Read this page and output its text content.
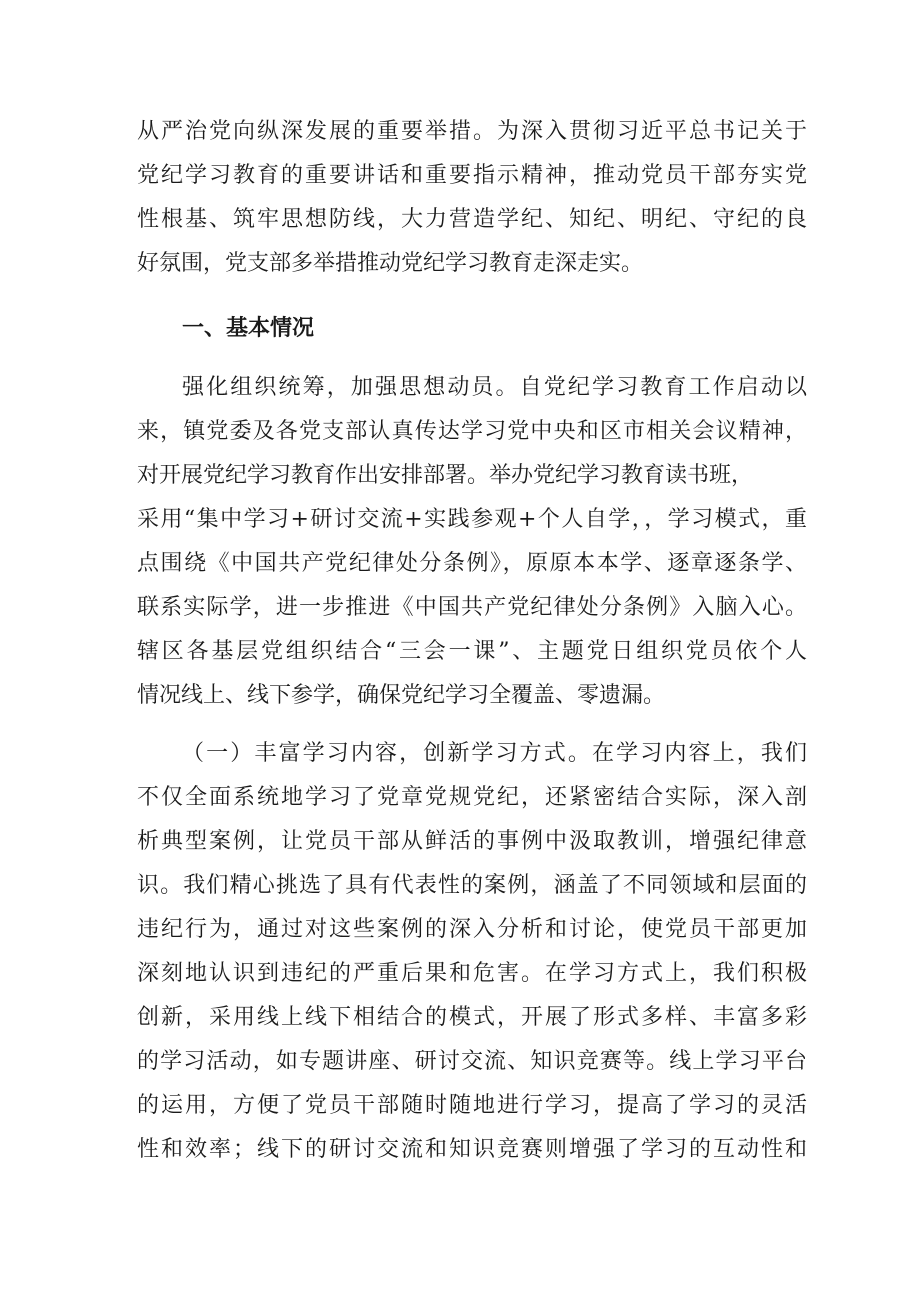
从严治党向纵深发展的重要举措。为深入贯彻习近平总书记关于
党纪学习教育的重要讲话和重要指示精神，推动党员干部夯实党
性根基、筑牢思想防线，大力营造学纪、知纪、明纪、守纪的良
好氛围，党支部多举措推动党纪学习教育走深走实。
一、基本情况
强化组织统筹，加强思想动员。自党纪学习教育工作启动以
来，镇党委及各党支部认真传达学习党中央和区市相关会议精神，
对开展党纪学习教育作出安排部署。举办党纪学习教育读书班，
采用“集中学习+研讨交流+实践参观+个人自学，，学习模式，重
点围绕《中国共产党纪律处分条例》，原原本本学、逐章逐条学、
联系实际学，进一步推进《中国共产党纪律处分条例》入脑入心。
辖区各基层党组织结合“三会一课”、主题党日组织党员依个人
情况线上、线下参学，确保党纪学习全覆盖、零遗漏。
（一）丰富学习内容，创新学习方式。在学习内容上，我们
不仅全面系统地学习了党章党规党纪，还紧密结合实际，深入剖
析典型案例，让党员干部从鲜活的事例中汲取教训，增强纪律意
识。我们精心挑选了具有代表性的案例，涵盖了不同领域和层面的
违纪行为，通过对这些案例的深入分析和讨论，使党员干部更加
深刻地认识到违纪的严重后果和危害。在学习方式上，我们积极
创新，采用线上线下相结合的模式，开展了形式多样、丰富多彩
的学习活动，如专题讲座、研讨交流、知识竞赛等。线上学习平台
的运用，方便了党员干部随时随地进行学习，提高了学习的灵活
性和效率；线下的研讨交流和知识竞赛则增强了学习的互动性和
